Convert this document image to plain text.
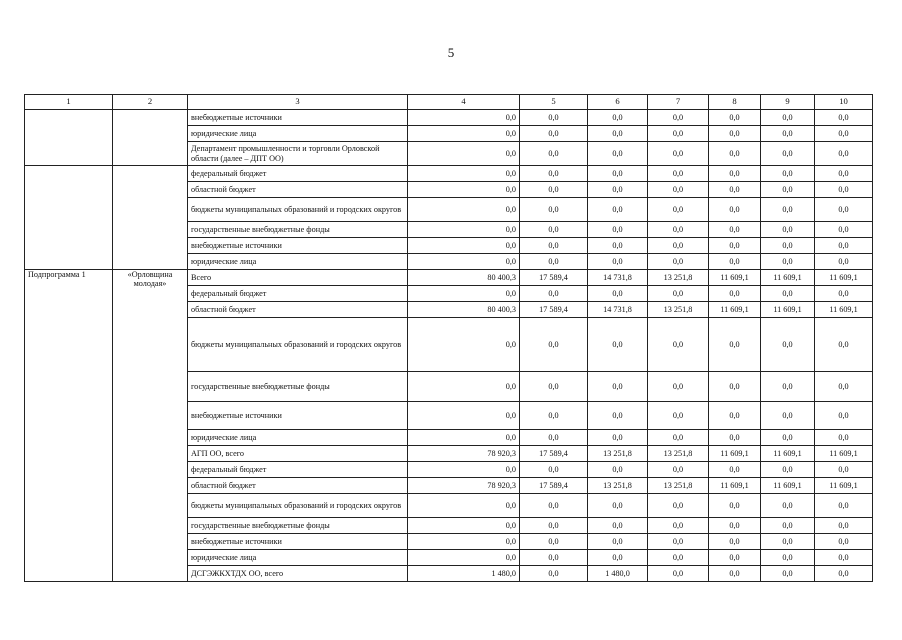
5
1	2	3	4	5	6	7	8	9	10
		внебюджетные источники	0,0	0,0	0,0	0,0	0,0	0,0	0,0
		юридические лица	0,0	0,0	0,0	0,0	0,0	0,0	0,0
		Департамент промышленности и торговли Орловской области (далее – ДПТ ОО)	0,0	0,0	0,0	0,0	0,0	0,0	0,0
		федеральный бюджет	0,0	0,0	0,0	0,0	0,0	0,0	0,0
		областной бюджет	0,0	0,0	0,0	0,0	0,0	0,0	0,0
		бюджеты муниципальных образований и городских округов	0,0	0,0	0,0	0,0	0,0	0,0	0,0
		государственные внебюджетные фонды	0,0	0,0	0,0	0,0	0,0	0,0	0,0
		внебюджетные источники	0,0	0,0	0,0	0,0	0,0	0,0	0,0
		юридические лица	0,0	0,0	0,0	0,0	0,0	0,0	0,0
Подпрограмма 1	«Орловщина молодая»	Всего	80 400,3	17 589,4	14 731,8	13 251,8	11 609,1	11 609,1	11 609,1
		федеральный бюджет	0,0	0,0	0,0	0,0	0,0	0,0	0,0
		областной бюджет	80 400,3	17 589,4	14 731,8	13 251,8	11 609,1	11 609,1	11 609,1
		бюджеты муниципальных образований и городских округов	0,0	0,0	0,0	0,0	0,0	0,0	0,0
		государственные внебюджетные фонды	0,0	0,0	0,0	0,0	0,0	0,0	0,0
		внебюджетные источники	0,0	0,0	0,0	0,0	0,0	0,0	0,0
		юридические лица	0,0	0,0	0,0	0,0	0,0	0,0	0,0
		АГП ОО, всего	78 920,3	17 589,4	13 251,8	13 251,8	11 609,1	11 609,1	11 609,1
		федеральный бюджет	0,0	0,0	0,0	0,0	0,0	0,0	0,0
		областной бюджет	78 920,3	17 589,4	13 251,8	13 251,8	11 609,1	11 609,1	11 609,1
		бюджеты муниципальных образований и городских округов	0,0	0,0	0,0	0,0	0,0	0,0	0,0
		государственные внебюджетные фонды	0,0	0,0	0,0	0,0	0,0	0,0	0,0
		внебюджетные источники	0,0	0,0	0,0	0,0	0,0	0,0	0,0
		юридические лица	0,0	0,0	0,0	0,0	0,0	0,0	0,0
		ДСГЭЖКХТДХ ОО, всего	1 480,0	0,0	1 480,0	0,0	0,0	0,0	0,0
